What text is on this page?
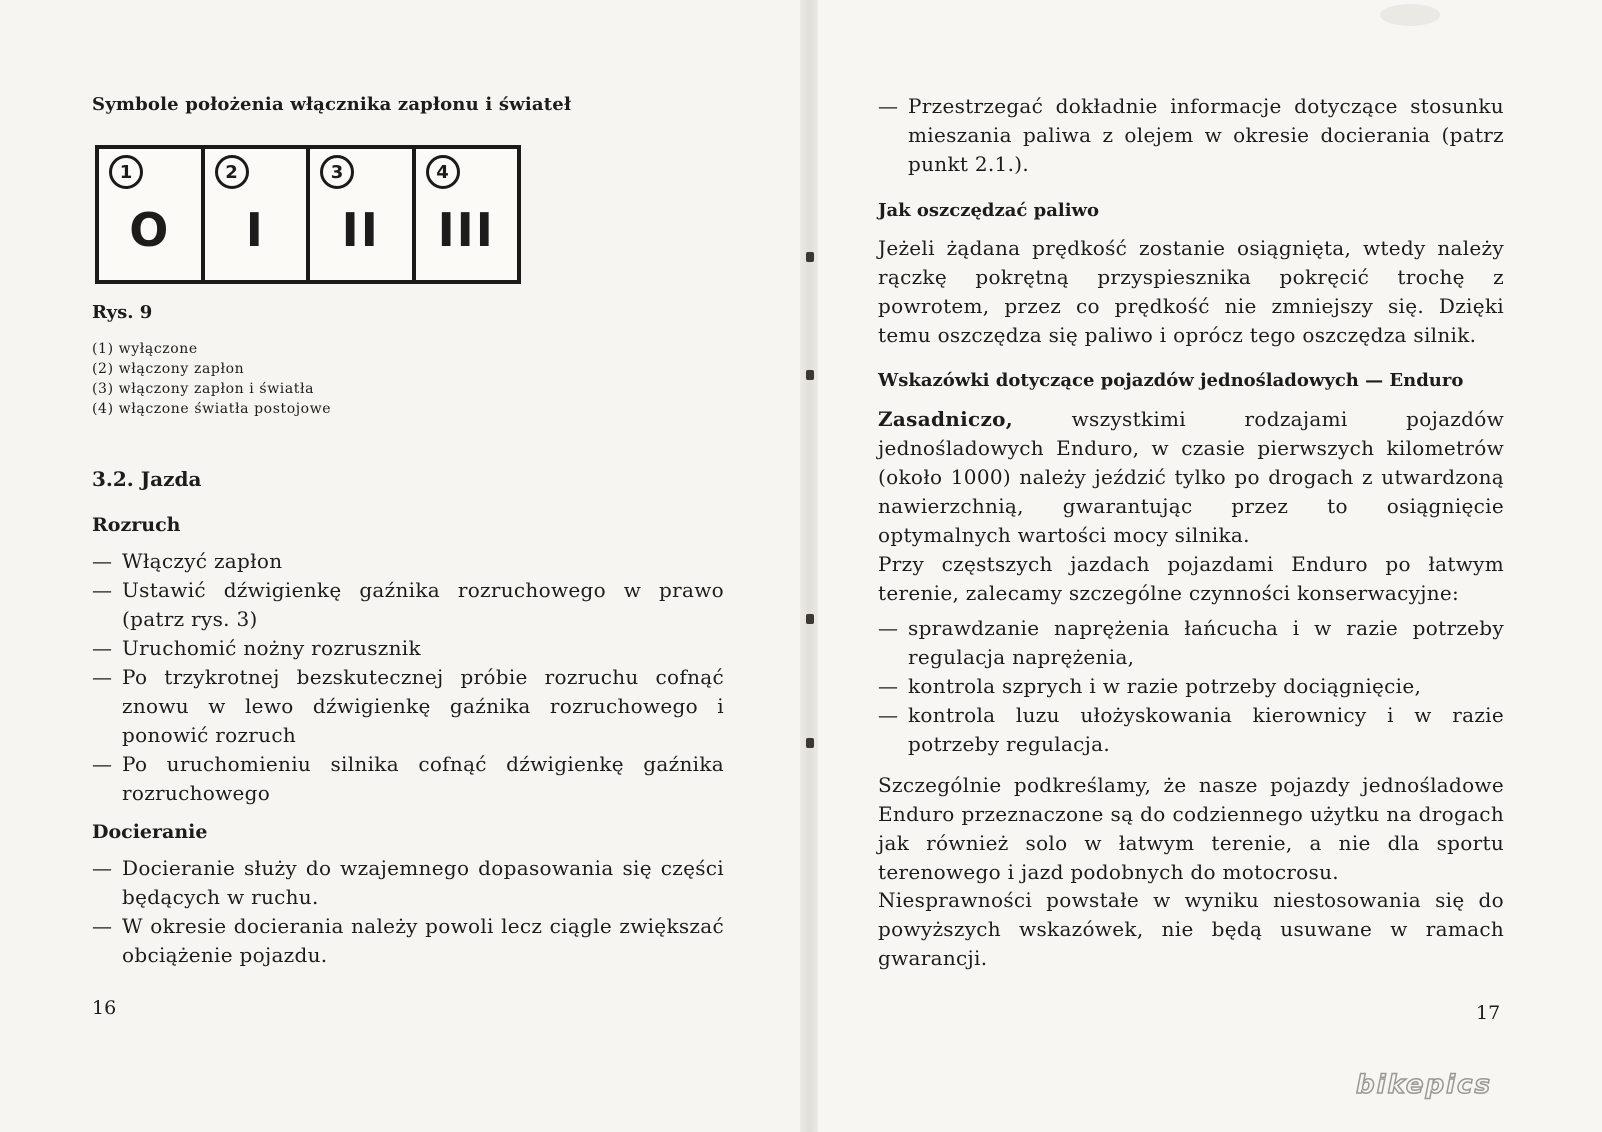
Symbole położenia włącznika zapłonu i świateł
1
O
2
I
3
II
4
III
Rys. 9
(1) wyłączone
(2) włączony zapłon
(3) włączony zapłon i światła
(4) włączone światła postojowe
3.2. Jazda
Rozruch
— Włączyć zapłon
— Ustawić dźwigienkę gaźnika rozruchowego w prawo (patrz rys. 3)
— Uruchomić nożny rozrusznik
— Po trzykrotnej bezskutecznej próbie rozruchu cofnąć znowu w lewo dźwigienkę gaźnika rozruchowego i ponowić rozruch
— Po uruchomieniu silnika cofnąć dźwigienkę gaźnika rozruchowego
Docieranie
— Docieranie służy do wzajemnego dopasowania się części będących w ruchu.
— W okresie docierania należy powoli lecz ciągle zwiększać obciążenie pojazdu.
16
— Przestrzegać dokładnie informacje dotyczące stosunku mieszania paliwa z olejem w okresie docierania (patrz punkt 2.1.).
Jak oszczędzać paliwo
Jeżeli żądana prędkość zostanie osiągnięta, wtedy należy rączkę pokrętną przyspiesznika pokręcić trochę z powrotem, przez co prędkość nie zmniejszy się. Dzięki temu oszczędza się paliwo i oprócz tego oszczędza silnik.
Wskazówki dotyczące pojazdów jednośladowych — Enduro
Zasadniczo, wszystkimi rodzajami pojazdów jednośladowych Enduro, w czasie pierwszych kilometrów (około 1000) należy jeździć tylko po drogach z utwardzoną nawierzchnią, gwarantując przez to osiągnięcie optymalnych wartości mocy silnika.
Przy częstszych jazdach pojazdami Enduro po łatwym terenie, zalecamy szczególne czynności konserwacyjne:
— sprawdzanie naprężenia łańcucha i w razie potrzeby regulacja naprężenia,
— kontrola szprych i w razie potrzeby dociągnięcie,
— kontrola luzu ułożyskowania kierownicy i w razie potrzeby regulacja.
Szczególnie podkreślamy, że nasze pojazdy jednośladowe Enduro przeznaczone są do codziennego użytku na drogach jak również solo w łatwym terenie, a nie dla sportu terenowego i jazd podobnych do motocrosu.
Niesprawności powstałe w wyniku niestosowania się do powyższych wskazówek, nie będą usuwane w ramach gwarancji.
17
bikepics
